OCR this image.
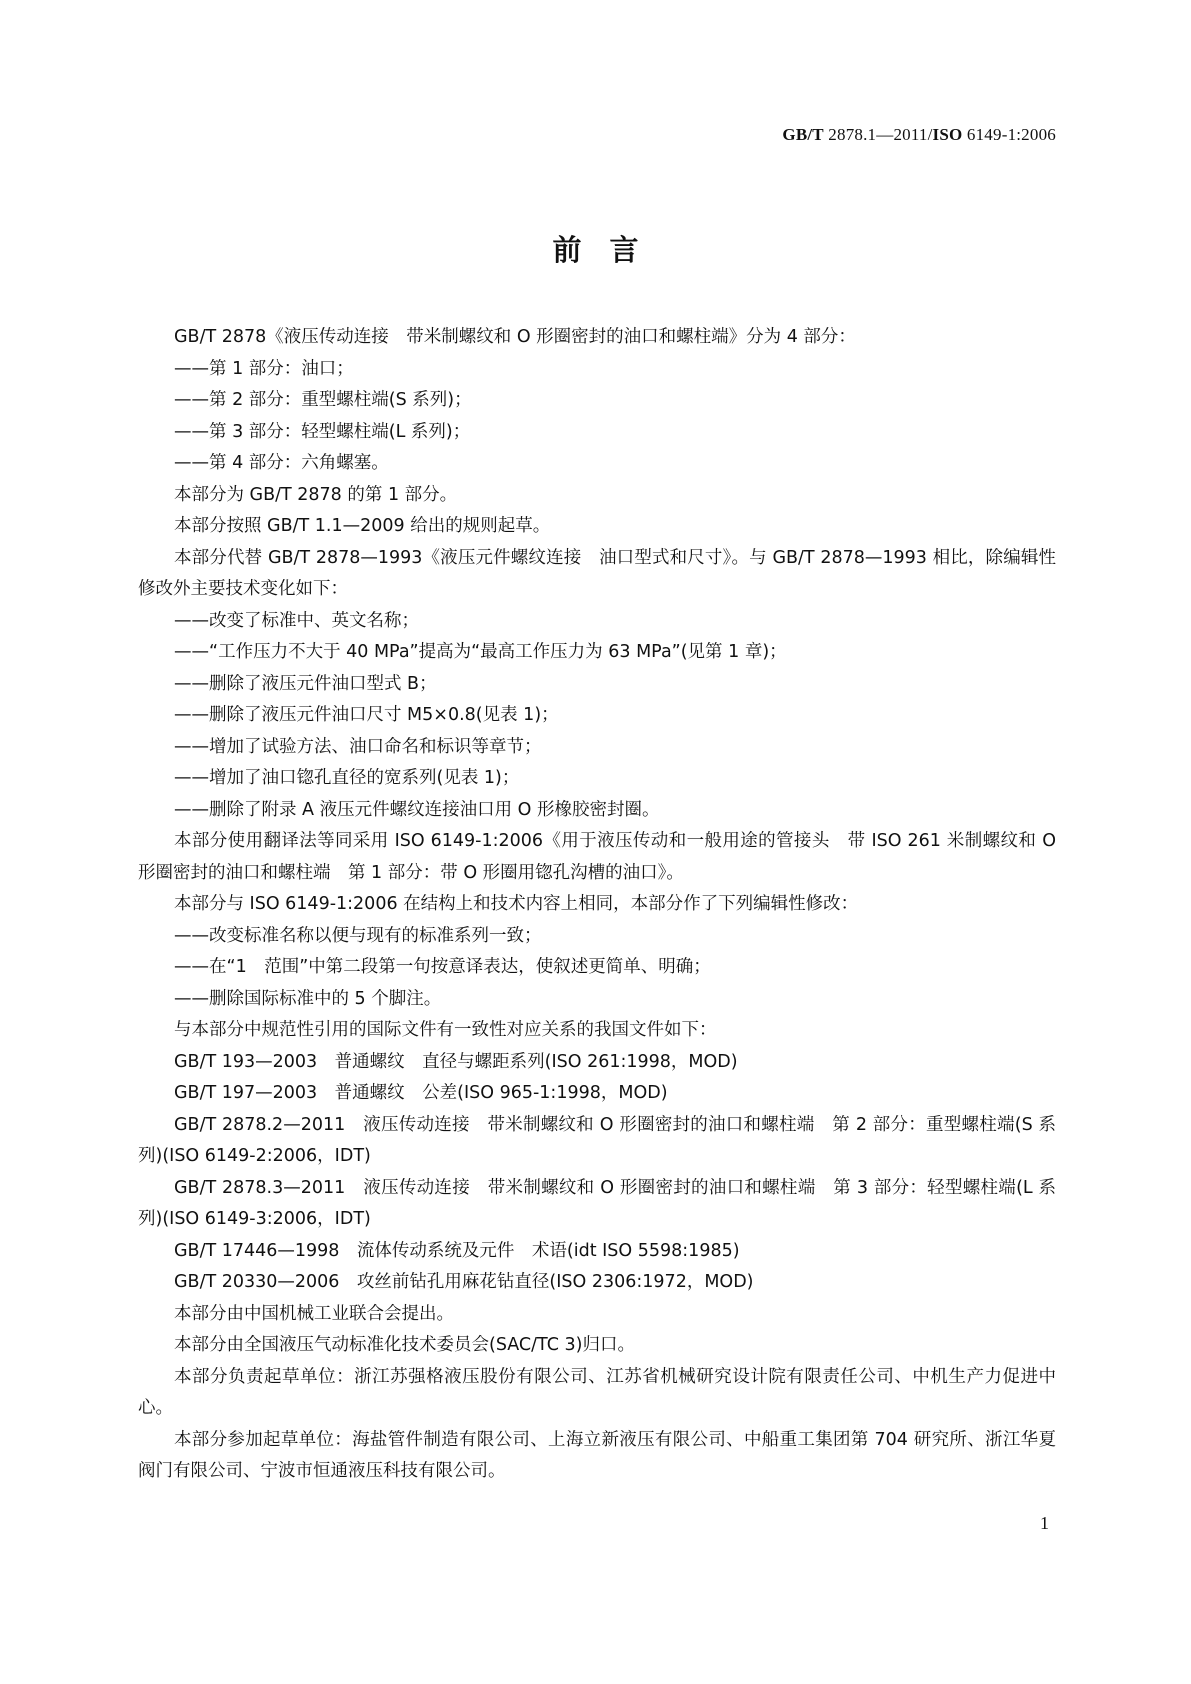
GB/T 2878.1—2011/ISO 6149-1:2006
前言

GB/T 2878《液压传动连接　带米制螺纹和 O 形圈密封的油口和螺柱端》分为 4 部分：

——第 1 部分：油口；

——第 2 部分：重型螺柱端(S 系列)；

——第 3 部分：轻型螺柱端(L 系列)；

——第 4 部分：六角螺塞。

本部分为 GB/T 2878 的第 1 部分。

本部分按照 GB/T 1.1—2009 给出的规则起草。

本部分代替 GB/T 2878—1993《液压元件螺纹连接　油口型式和尺寸》。与 GB/T 2878—1993 相比，除编辑性修改外主要技术变化如下：

——改变了标准中、英文名称；

——“工作压力不大于 40 MPa”提高为“最高工作压力为 63 MPa”(见第 1 章)；

——删除了液压元件油口型式 B；

——删除了液压元件油口尺寸 M5×0.8(见表 1)；

——增加了试验方法、油口命名和标识等章节；

——增加了油口锪孔直径的宽系列(见表 1)；

——删除了附录 A 液压元件螺纹连接油口用 O 形橡胶密封圈。

本部分使用翻译法等同采用 ISO 6149-1:2006《用于液压传动和一般用途的管接头　带 ISO 261 米制螺纹和 O 形圈密封的油口和螺柱端　第 1 部分：带 O 形圈用锪孔沟槽的油口》。

本部分与 ISO 6149-1:2006 在结构上和技术内容上相同，本部分作了下列编辑性修改：

——改变标准名称以便与现有的标准系列一致；

——在“1　范围”中第二段第一句按意译表达，使叙述更简单、明确；

——删除国际标准中的 5 个脚注。

与本部分中规范性引用的国际文件有一致性对应关系的我国文件如下：

GB/T 193—2003　普通螺纹　直径与螺距系列(ISO 261:1998，MOD)

GB/T 197—2003　普通螺纹　公差(ISO 965-1:1998，MOD)

GB/T 2878.2—2011　液压传动连接　带米制螺纹和 O 形圈密封的油口和螺柱端　第 2 部分：重型螺柱端(S 系列)(ISO 6149-2:2006，IDT)

GB/T 2878.3—2011　液压传动连接　带米制螺纹和 O 形圈密封的油口和螺柱端　第 3 部分：轻型螺柱端(L 系列)(ISO 6149-3:2006，IDT)

GB/T 17446—1998　流体传动系统及元件　术语(idt ISO 5598:1985)

GB/T 20330—2006　攻丝前钻孔用麻花钻直径(ISO 2306:1972，MOD)

本部分由中国机械工业联合会提出。

本部分由全国液压气动标准化技术委员会(SAC/TC 3)归口。

本部分负责起草单位：浙江苏强格液压股份有限公司、江苏省机械研究设计院有限责任公司、中机生产力促进中心。

本部分参加起草单位：海盐管件制造有限公司、上海立新液压有限公司、中船重工集团第 704 研究所、浙江华夏阀门有限公司、宁波市恒通液压科技有限公司。

1
